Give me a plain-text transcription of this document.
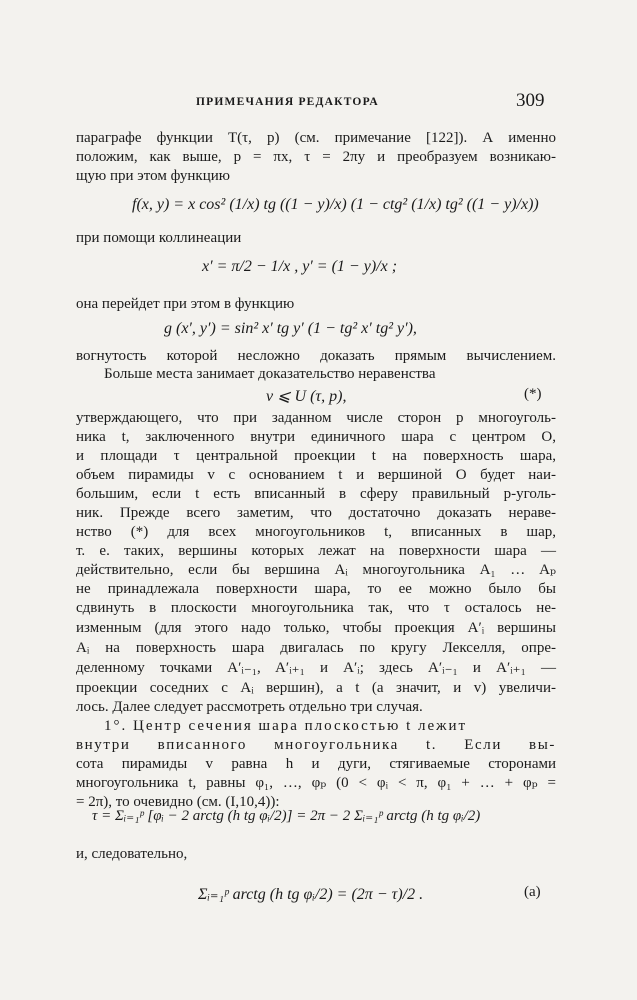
ПРИМЕЧАНИЯ РЕДАКТОРА	309
параграфе функции T(τ, p) (см. примечание [122]). А именно
положим, как выше, p = πx, τ = 2πy и преобразуем возникаю-
щую при этом функцию
f(x, y) = x cos² (1/x) tg ((1 − y)/x) (1 − ctg² (1/x) tg² ((1 − y)/x))
при помощи коллинеации
x′ = π/2 − 1/x , y′ = (1 − y)/x ;
она перейдет при этом в функцию
g (x′, y′) = sin² x′ tg y′ (1 − tg² x′ tg² y′),
вогнутость которой несложно доказать прямым вычислением.
Больше места занимает доказательство неравенства
v ⩽ U (τ, p),	(*)
утверждающего, что при заданном числе сторон p многоуголь-
ника t, заключенного внутри единичного шара с центром O,
и площади τ центральной проекции t на поверхность шара,
объем пирамиды v с основанием t и вершиной O будет наи-
большим, если t есть вписанный в сферу правильный p-уголь-
ник. Прежде всего заметим, что достаточно доказать нераве-
нство (*) для всех многоугольников t, вписанных в шар,
т. е. таких, вершины которых лежат на поверхности шара —
действительно, если бы вершина Aᵢ многоугольника A₁ … Aₚ
не принадлежала поверхности шара, то ее можно было бы
сдвинуть в плоскости многоугольника так, что τ осталось не-
изменным (для этого надо только, чтобы проекция A′ᵢ вершины
Aᵢ на поверхность шара двигалась по кругу Лекселля, опре-
деленному точками A′ᵢ₋₁, A′ᵢ₊₁ и A′ᵢ; здесь A′ᵢ₋₁ и A′ᵢ₊₁ —
проекции соседних с Aᵢ вершин), а t (а значит, и v) увеличи-
лось. Далее следует рассмотреть отдельно три случая.
1°. Центр сечения шара плоскостью t лежит
внутри вписанного многоугольника t. Если вы-
сота пирамиды v равна h и дуги, стягиваемые сторонами
многоугольника t, равны φ₁, …, φₚ (0 < φᵢ < π, φ₁ + … + φₚ =
= 2π), то очевидно (см. (I,10,4)):
τ = Σᵢ₌₁ᵖ [φᵢ − 2 arctg (h tg φᵢ/2)] = 2π − 2 Σᵢ₌₁ᵖ arctg (h tg φᵢ/2)
и, следовательно,
Σᵢ₌₁ᵖ arctg (h tg φᵢ/2) = (2π − τ)/2 .	(a)
